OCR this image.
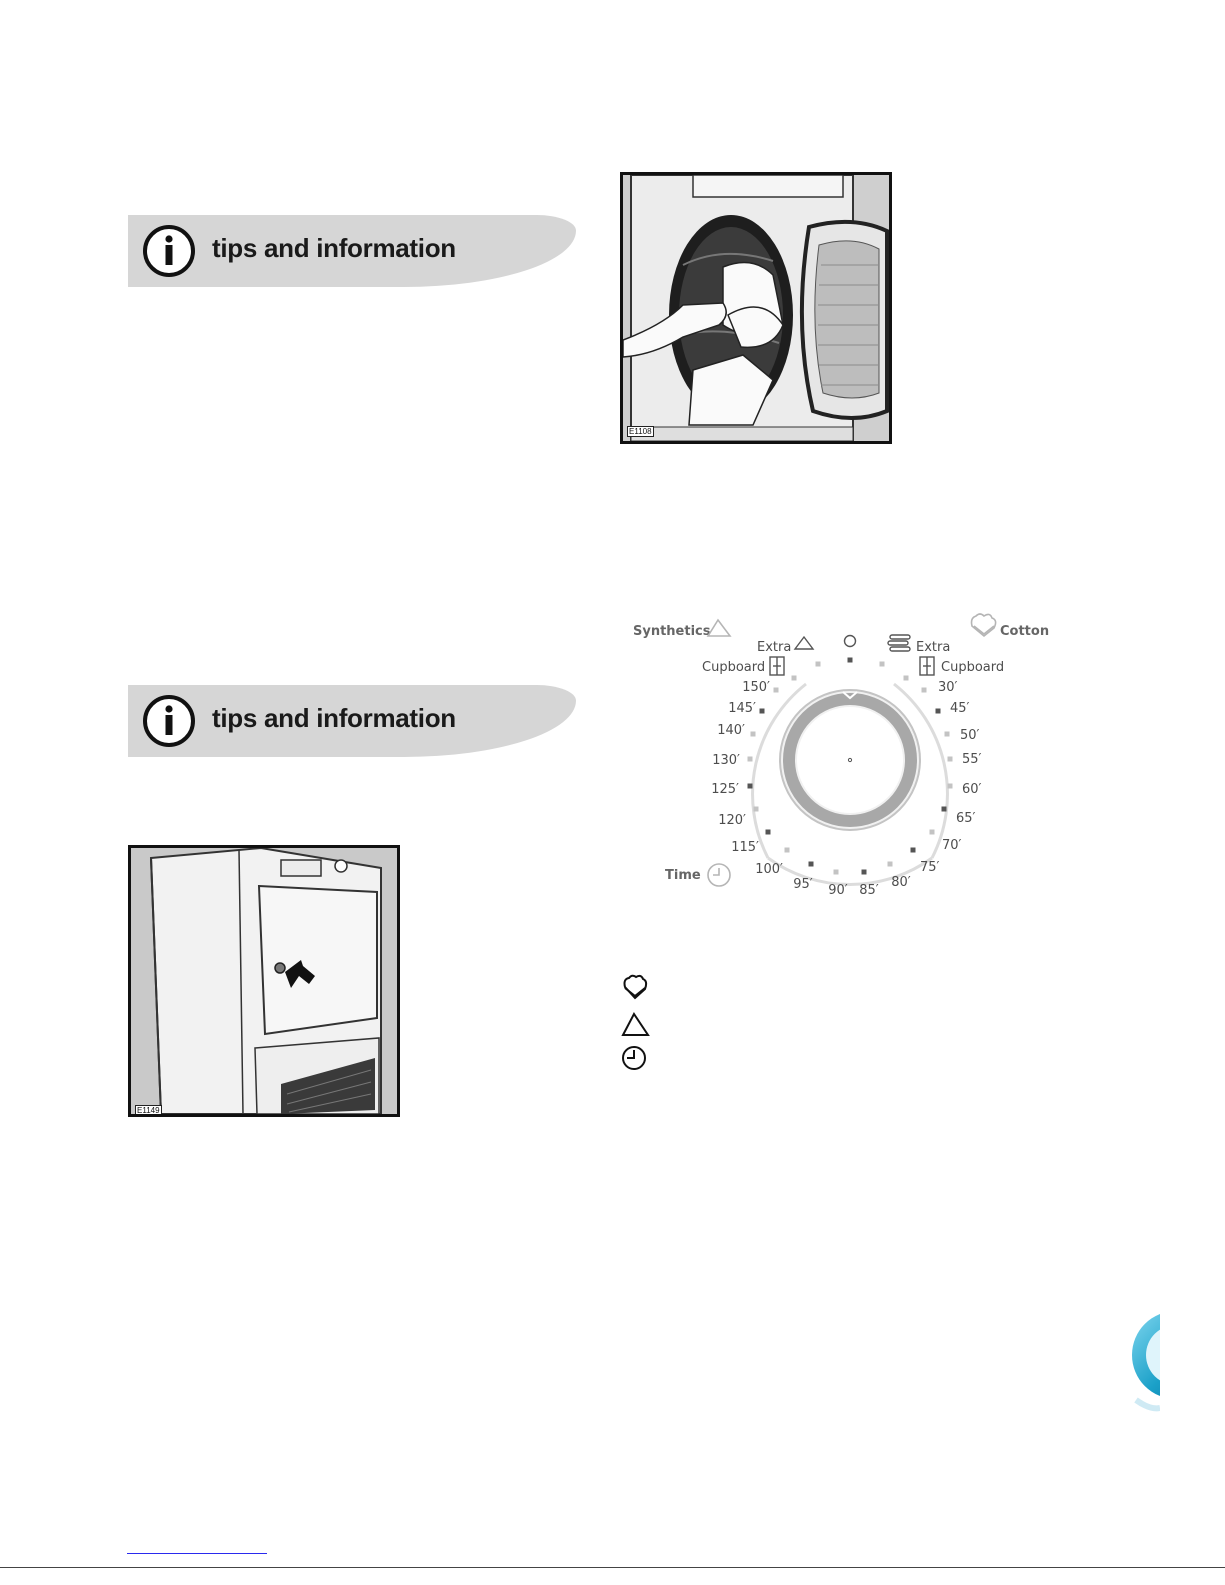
tips and information
tips and information
E1108
E1149
Synthetics	Cotton
Time
Extra	Extra
Cupboard	Cupboard
150′
145′
140′
130′
125′
120′
115′
100′
30′
45′
50′
55′
60′
65′
70′
75′
95′ 90′ 85′
80′
